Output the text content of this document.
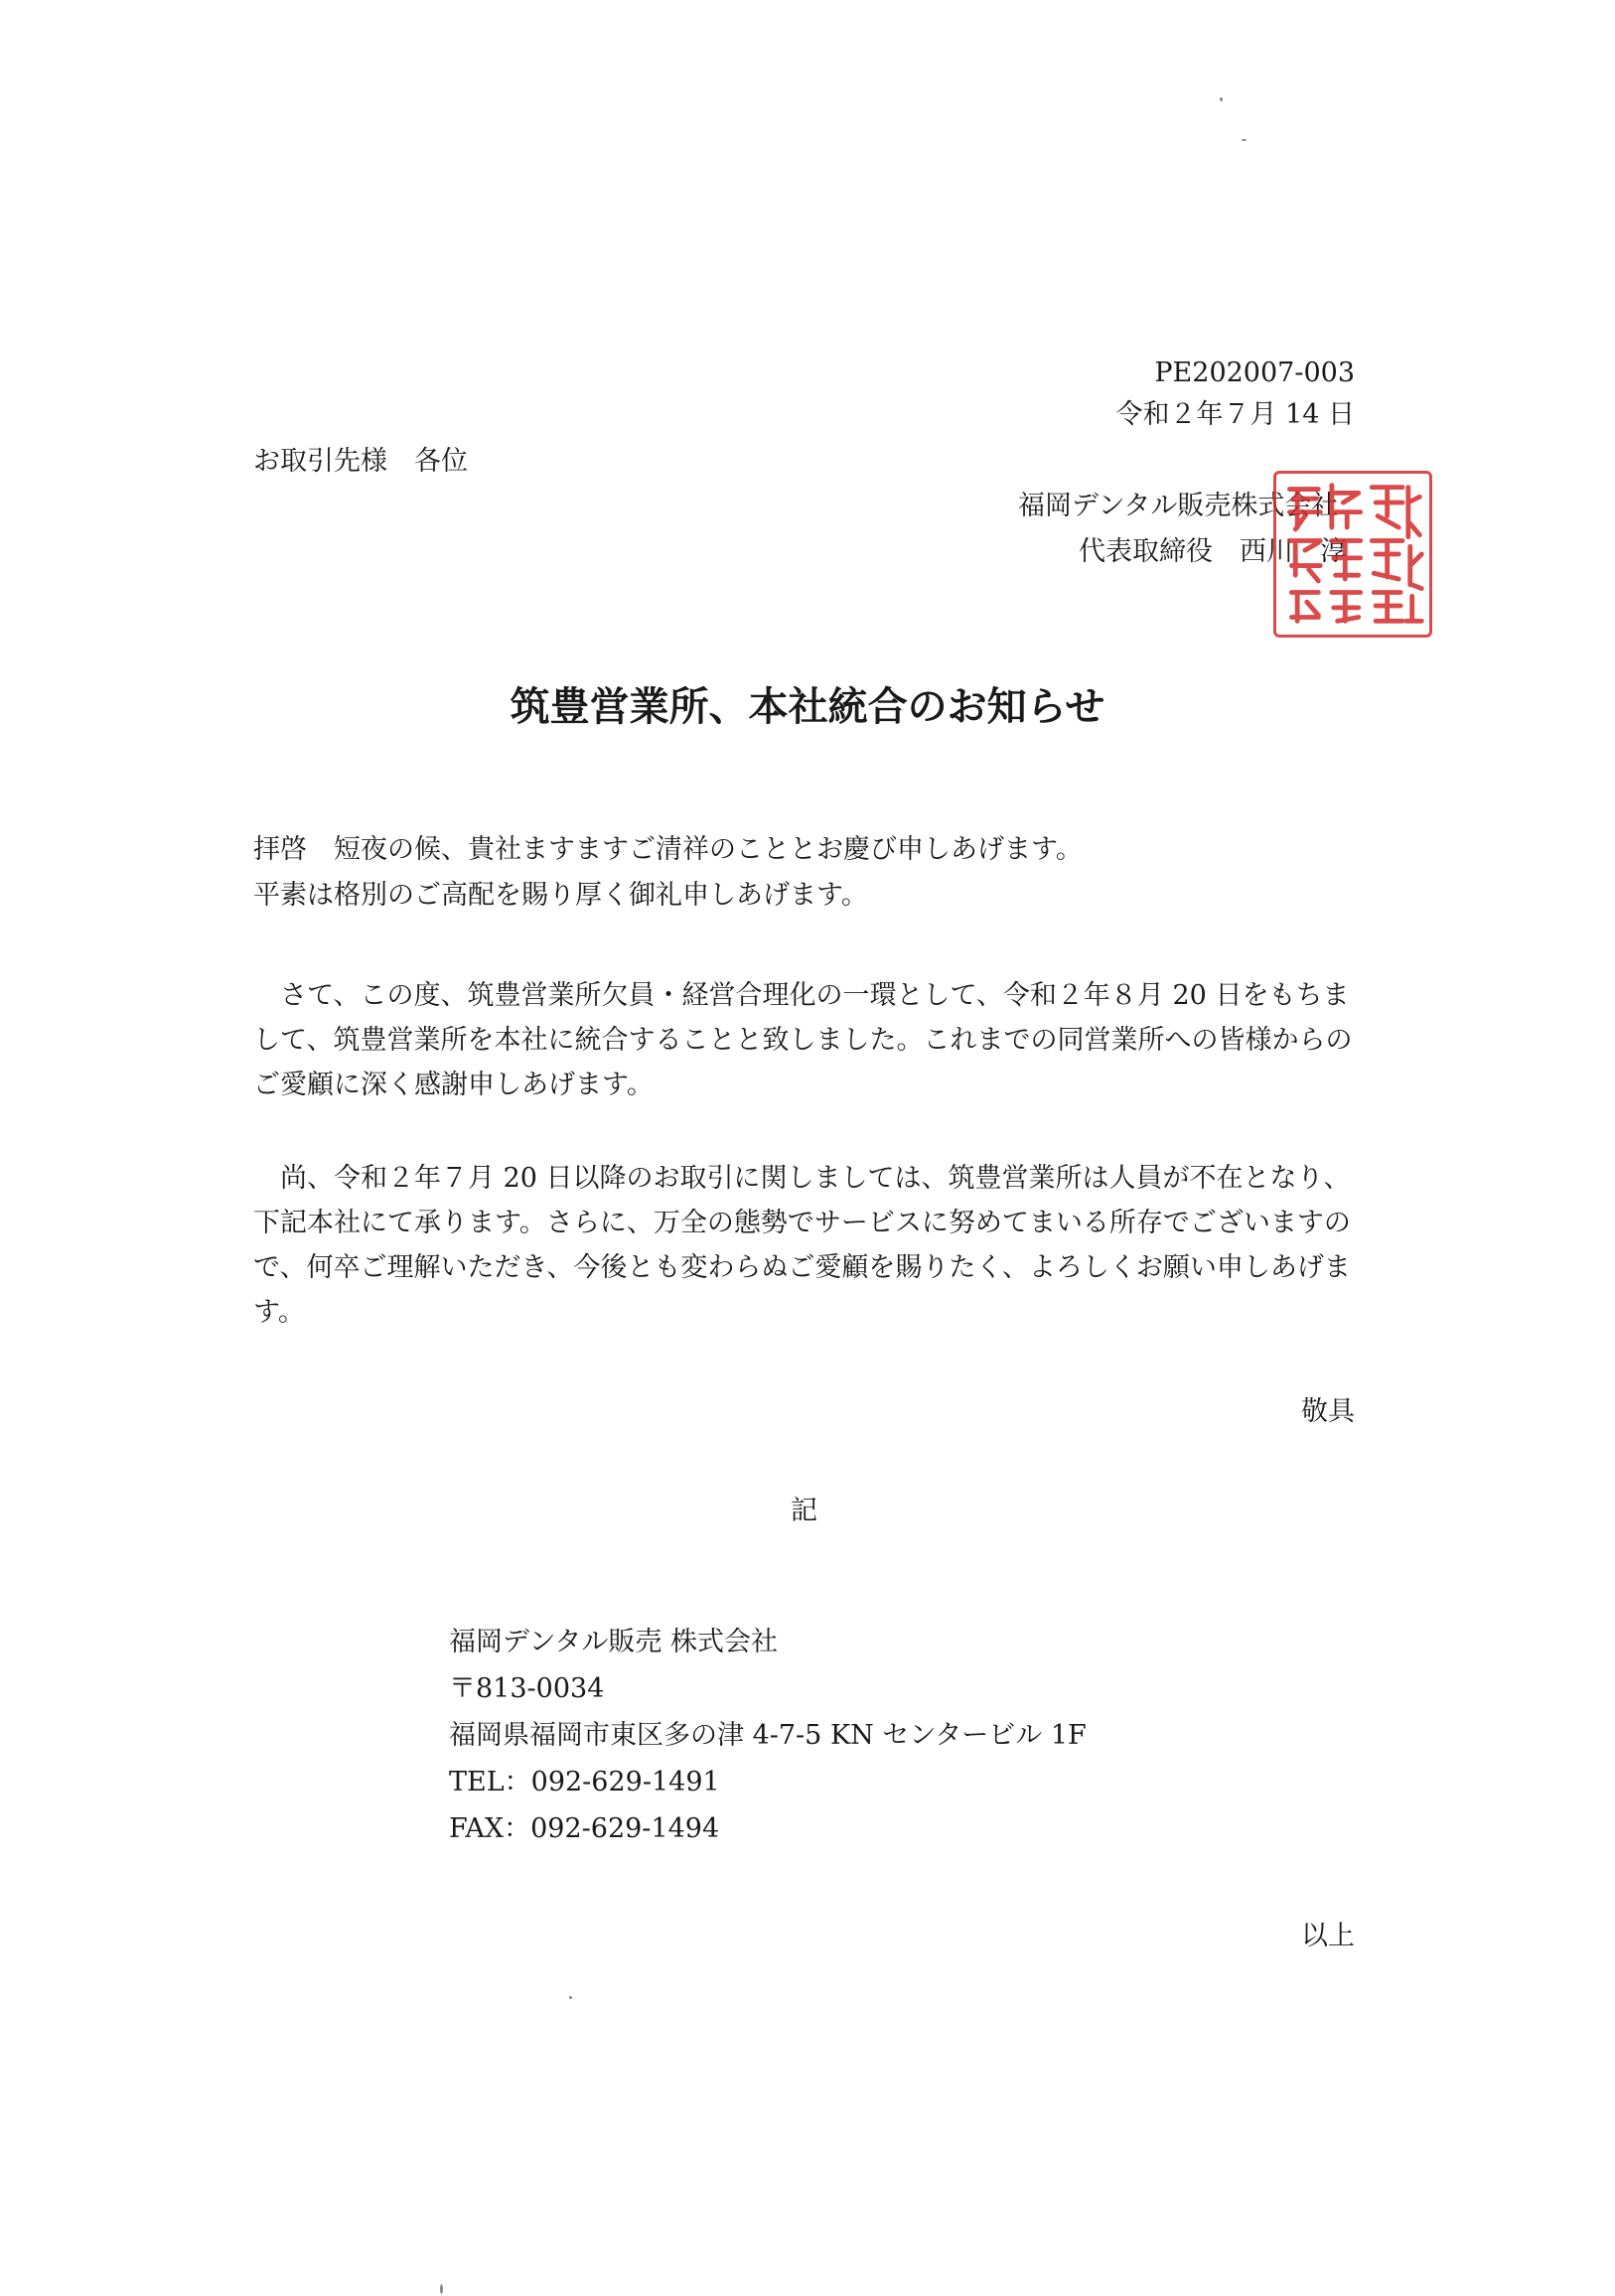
PE202007-003
令和２年７月 14 日
お取引先様　各位
福岡デンタル販売株式会社
代表取締役　西川　淳
筑豊営業所、本社統合のお知らせ
拝啓　短夜の候、貴社ますますご清祥のこととお慶び申しあげます。
平素は格別のご高配を賜り厚く御礼申しあげます。
さて、この度、筑豊営業所欠員・経営合理化の一環として、令和２年８月 20 日をもちまして、筑豊営業所を本社に統合することと致しました。これまでの同営業所への皆様からのご愛顧に深く感謝申しあげます。
尚、令和２年７月 20 日以降のお取引に関しましては、筑豊営業所は人員が不在となり、下記本社にて承ります。さらに、万全の態勢でサービスに努めてまいる所存でございますので、何卒ご理解いただき、今後とも変わらぬご愛顧を賜りたく、よろしくお願い申しあげます。
敬具
記
福岡デンタル販売 株式会社
〒813-0034
福岡県福岡市東区多の津 4-7-5 KN センタービル 1F
TEL：092-629-1491
FAX：092-629-1494
以上
